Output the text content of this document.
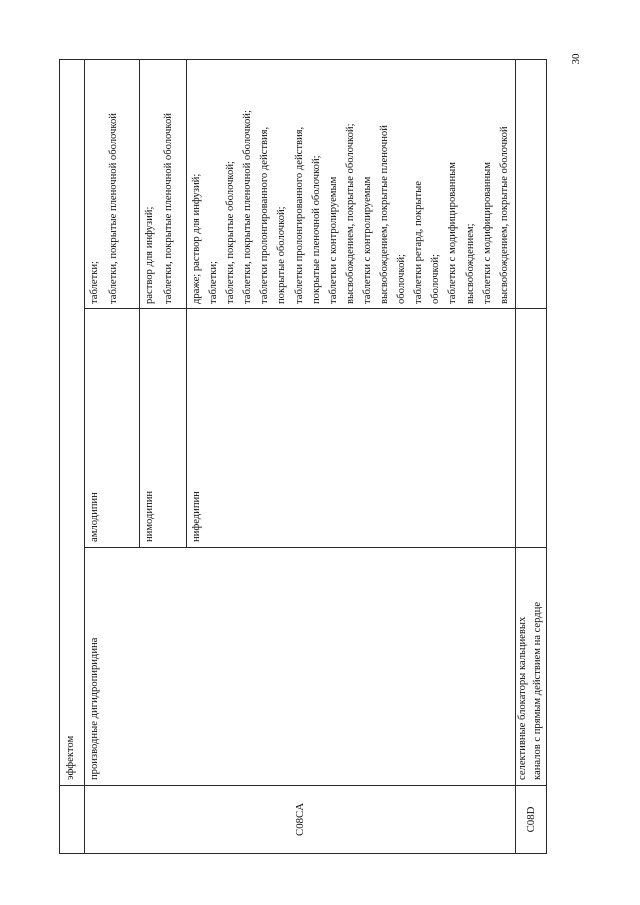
30
эффектом
C08CA
производные дигидропиридина
амлодипин
таблетки; таблетки, покрытые пленочной оболочкой
нимодипин
раствор для инфузий; таблетки, покрытые пленочной оболочкой
нифедипин
драже; раствор для инфузий; таблетки; таблетки, покрытые оболочкой; таблетки, покрытые пленочной оболочкой; таблетки пролонгированного действия, покрытые оболочкой; таблетки пролонгированного действия, покрытые пленочной оболочкой; таблетки с контролируемым высвобождением, покрытые оболочкой; таблетки с контролируемым высвобождением, покрытые пленочной оболочкой; таблетки ретард, покрытые оболочкой; таблетки с модифицированным высвобождением; таблетки с модифицированным высвобождением, покрытые оболочкой
C08D
селективные блокаторы кальциевых каналов с прямым действием на сердце
